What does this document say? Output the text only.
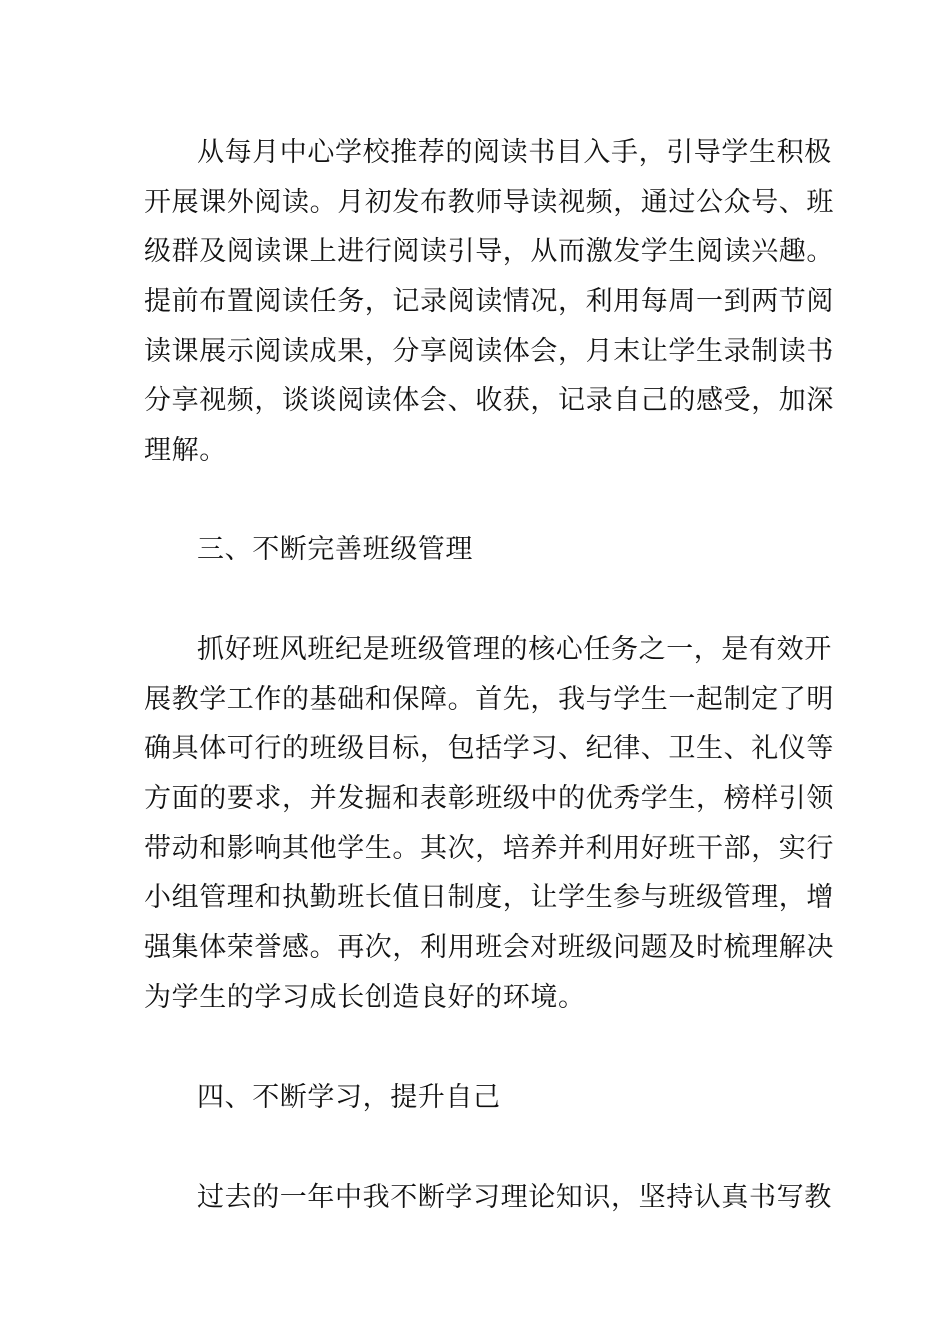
从每月中心学校推荐的阅读书目入手，引导学生积极
开展课外阅读。月初发布教师导读视频，通过公众号、班
级群及阅读课上进行阅读引导，从而激发学生阅读兴趣。
提前布置阅读任务，记录阅读情况，利用每周一到两节阅
读课展示阅读成果，分享阅读体会，月末让学生录制读书
分享视频，谈谈阅读体会、收获，记录自己的感受，加深
理解。
三、不断完善班级管理
抓好班风班纪是班级管理的核心任务之一，是有效开
展教学工作的基础和保障。首先，我与学生一起制定了明
确具体可行的班级目标，包括学习、纪律、卫生、礼仪等
方面的要求，并发掘和表彰班级中的优秀学生，榜样引领
带动和影响其他学生。其次，培养并利用好班干部，实行
小组管理和执勤班长值日制度，让学生参与班级管理，增
强集体荣誉感。再次，利用班会对班级问题及时梳理解决
为学生的学习成长创造良好的环境。
四、不断学习，提升自己
过去的一年中我不断学习理论知识，坚持认真书写教
